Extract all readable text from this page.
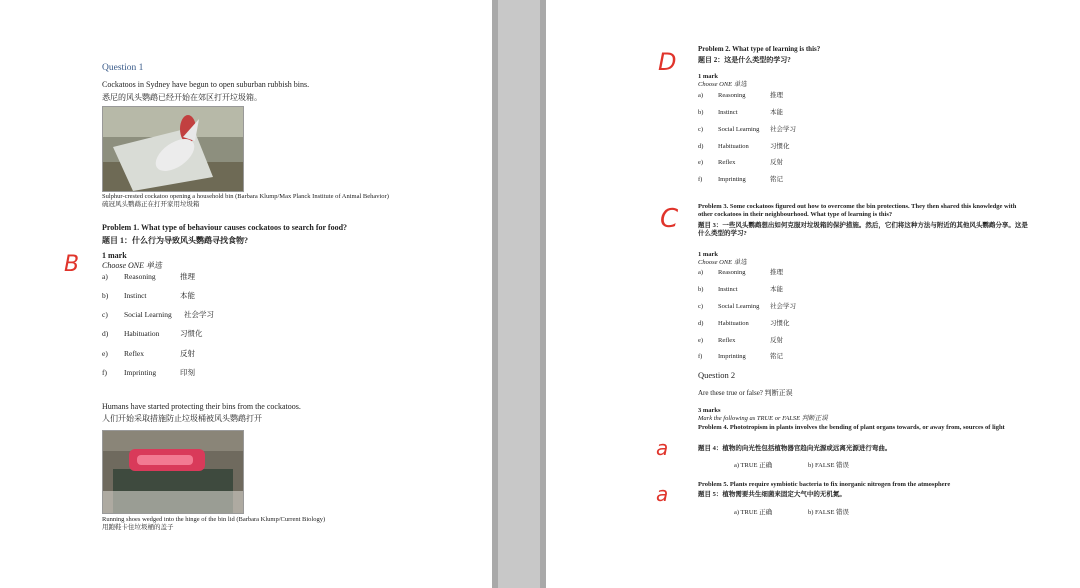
Question 1
Cockatoos in Sydney have begun to open suburban rubbish bins.
悉尼的风头鹦鹉已经开始在郊区打开垃圾箱。
Sulphur-crested cockatoo opening a household bin (Barbara Klump/Max Planck Institute of Animal Behavior)
硫冠风头鹦鹉正在打开家用垃圾箱
Problem 1. What type of behaviour causes cockatoos to search for food?
题目 1：什么行为导致风头鹦鹉寻找食物?
1 mark
Choose ONE 单选
B	a) Reasoning	推理
b) Instinct	本能
c) Social Learning 社会学习
d) Habituation	习惯化
e) Reflex	反射
f) Imprinting	印刻
Humans have started protecting their bins from the cockatoos.
人们开始采取措施防止垃圾桶被风头鹦鹉打开
Running shoes wedged into the hinge of the bin lid (Barbara Klump/Current Biology)
用跑鞋卡住垃圾桶的盖子
D	Problem 2. What type of learning is this?
题目 2：这是什么类型的学习?
1 mark
Choose ONE 单选
a) Reasoning	推理
b) Instinct	本能
c) Social Learning 社会学习
d) Habituation	习惯化
e) Reflex	反射
f) Imprinting	铭记
C	Problem 3. Some cockatoos figured out how to overcome the bin protections. They then shared this knowledge with other cockatoos in their neighbourhood. What type of learning is this?
题目 3：一些风头鹦鹉想出如何克服对垃圾箱的保护措施。然后，它们将这种方法与附近的其他风头鹦鹉分享。这是什么类型的学习?
1 mark
Choose ONE 单选
a) Reasoning	推理
b) Instinct	本能
c) Social Learning 社会学习
d) Habituation	习惯化
e) Reflex	反射
f) Imprinting	铭记
Question 2
Are these true or false? 判断正误
3 marks
Mark the following as TRUE or FALSE 判断正误
Problem 4. Phototropism in plants involves the bending of plant organs towards, or away from, sources of light
a	题目 4：植物的向光性包括植物器官趋向光源或远离光源进行弯曲。
a) TRUE 正确	b) FALSE 错误
Problem 5. Plants require symbiotic bacteria to fix inorganic nitrogen from the atmosphere
a	题目 5：植物需要共生细菌来固定大气中的无机氮。
a) TRUE 正确	b) FALSE 错误
